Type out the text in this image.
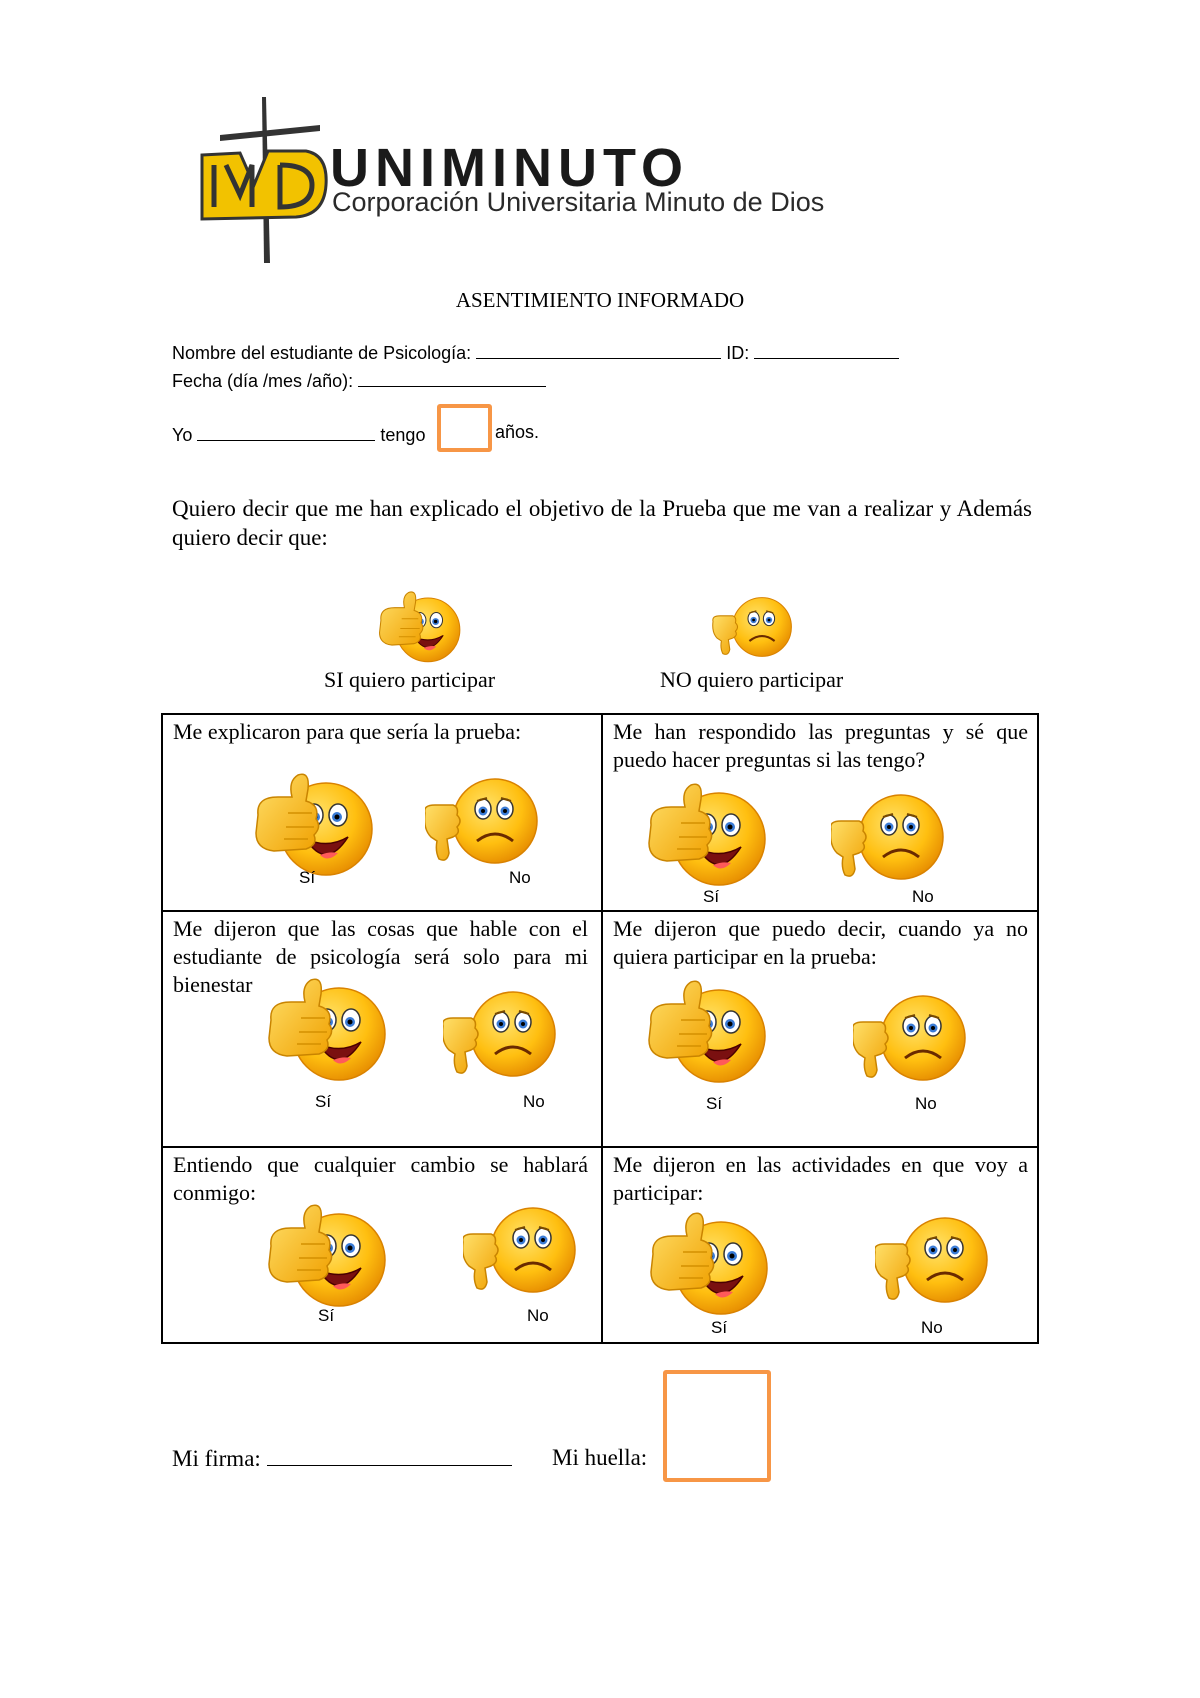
UNIMINUTO
Corporación Universitaria Minuto de Dios
ASENTIMIENTO INFORMADO
Nombre del estudiante de Psicología:	ID:
Fecha (día /mes /año):
Yo	tengo	años.
Quiero decir que me han explicado el objetivo de la Prueba que me van a realizar y Además quiero decir que:
SI quiero participar	NO quiero participar
Me explicaron para que sería la prueba:
Sí	No
Me han respondido las preguntas y sé que puedo hacer preguntas si las tengo?
Sí	No
Me dijeron que las cosas que hable con el estudiante de psicología será solo para mi bienestar
Sí	No
Me dijeron que puedo decir, cuando ya no quiera participar en la prueba:
Sí	No
Entiendo que cualquier cambio se hablará conmigo:
Sí	No
Me dijeron en las actividades en que voy a participar:
Sí	No
Mi firma:	Mi huella:
